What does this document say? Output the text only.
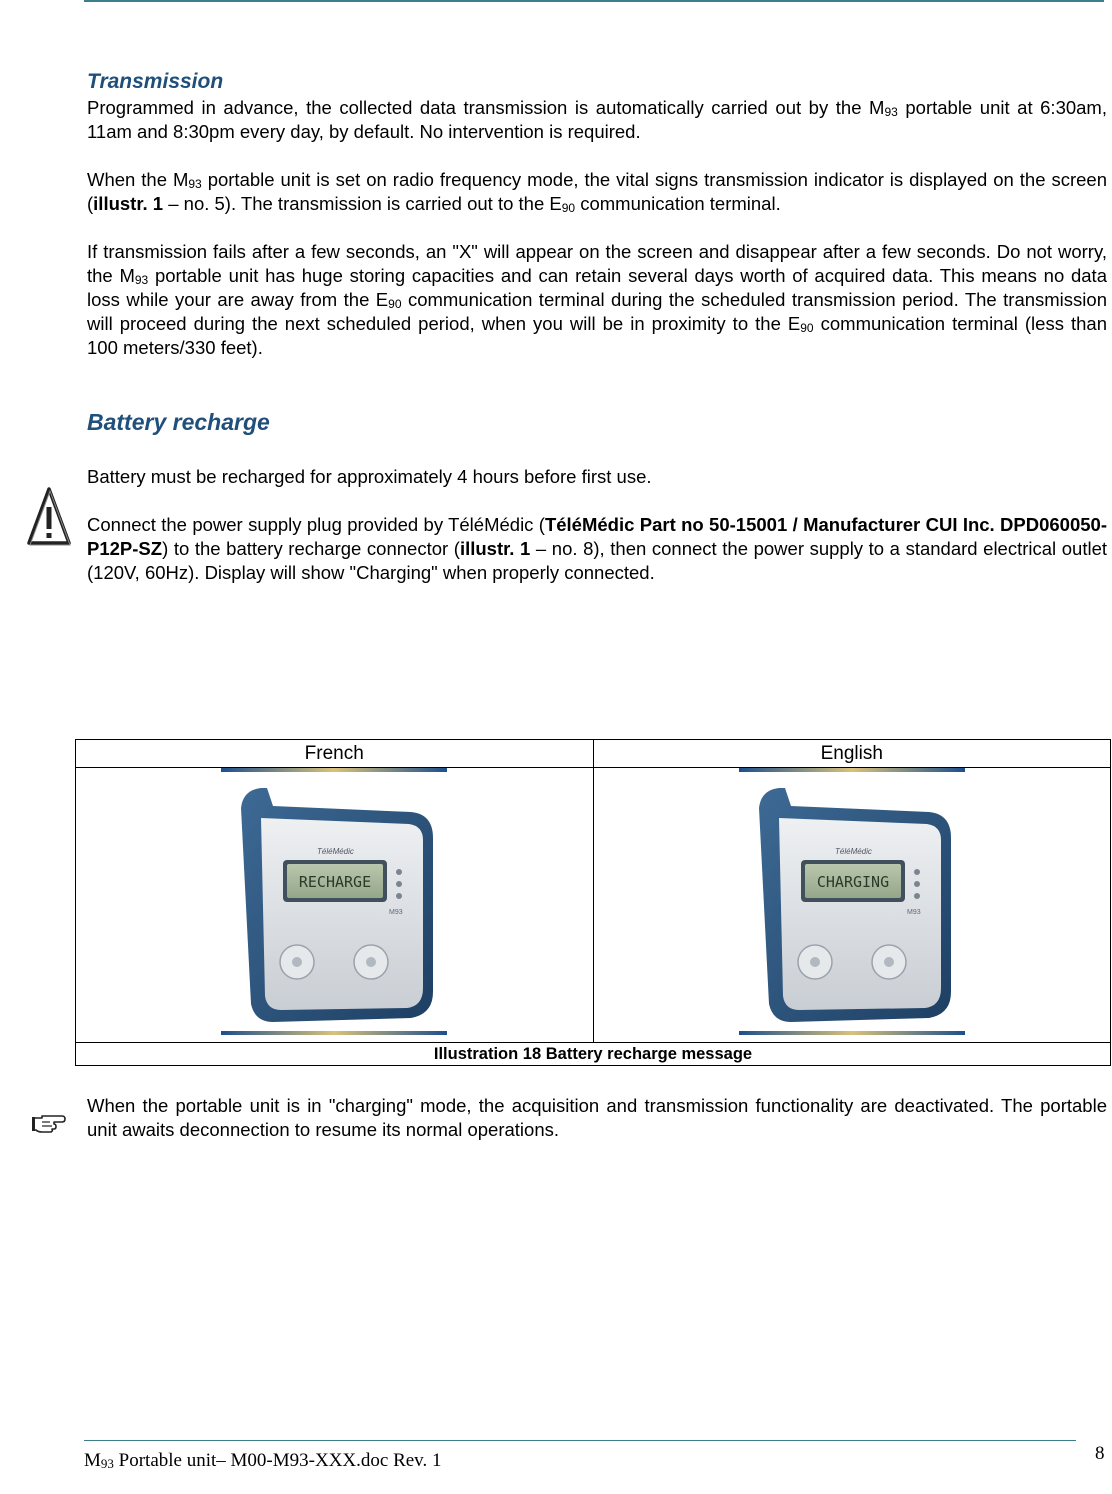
Transmission

Programmed in advance, the collected data transmission is automatically carried out by the $M_{93}$ portable unit at 6:30am, 11am and 8:30pm every day, by default. No intervention is required.

When the $M_{93}$ portable unit is set on radio frequency mode, the vital signs transmission indicator is displayed on the screen (illustr. 1 – no. 5). The transmission is carried out to the $E_{90}$ communication terminal.

If transmission fails after a few seconds, an "X" will appear on the screen and disappear after a few seconds. Do not worry, the $M_{93}$ portable unit has huge storing capacities and can retain several days worth of acquired data. This means no data loss while your are away from the $E_{90}$ communication terminal during the scheduled transmission period. The transmission will proceed during the next scheduled period, when you will be in proximity to the $E_{90}$ communication terminal (less than 100 meters/330 feet).

Battery recharge

Battery must be recharged for approximately 4 hours before first use.

Connect the power supply plug provided by TéléMédic (TéléMédic Part no 50-15001 / Manufacturer CUI Inc. DPD060050-P12P-SZ) to the battery recharge connector (illustr. 1 – no. 8), then connect the power supply to a standard electrical outlet (120V, 60Hz). Display will show "Charging" when properly connected.

French	English

RECHARGE
TéléMédic
M93	CHARGING
TéléMédic
M93

Illustration 18 Battery recharge message	

When the portable unit is in "charging" mode, the acquisition and transmission functionality are deactivated. The portable unit awaits deconnection to resume its normal operations.

$M_{93}$ Portable unit– M00-M93-XXX.doc Rev. 1	8
